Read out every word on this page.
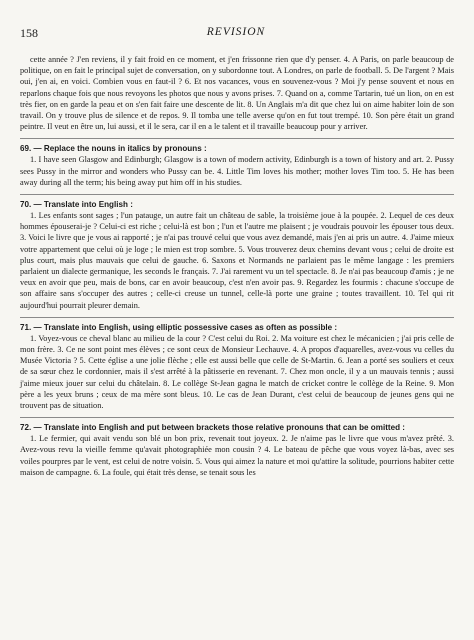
158	REVISION

cette année ? J'en reviens, il y fait froid en ce moment, et j'en frissonne rien que d'y penser. 4. A Paris, on parle beaucoup de politique, on en fait le principal sujet de conversation, on y subordonne tout. A Londres, on parle de football. 5. De l'argent ? Mais oui, j'en ai, en voici. Combien vous en faut-il ? 6. Et nos vacances, vous en souvenez-vous ? Moi j'y pense souvent et nous en reparlons chaque fois que nous revoyons les photos que nous y avons prises. 7. Quand on a, comme Tartarin, tué un lion, on en est très fier, on en garde la peau et on s'en fait faire une descente de lit. 8. Un Anglais m'a dit que chez lui on aime habiter loin de son travail. On y trouve plus de silence et de repos. 9. Il tomba une telle averse qu'on en fut tout trempé. 10. Son père était un grand peintre. Il veut en être un, lui aussi, et il le sera, car il en a le talent et il travaille beaucoup pour y arriver.

69. — Replace the nouns in italics by pronouns :

1. I have seen Glasgow and Edinburgh; Glasgow is a town of modern activity, Edinburgh is a town of history and art. 2. Pussy sees Pussy in the mirror and wonders who Pussy can be. 4. Little Tim loves his mother; mother loves Tim too. 5. He has been away during all the term; his being away put him off in his studies.

70. — Translate into English :

1. Les enfants sont sages ; l'un patauge, un autre fait un château de sable, la troisième joue à la poupée. 2. Lequel de ces deux hommes épouserai-je ? Celui-ci est riche ; celui-là est bon ; l'un et l'autre me plaisent ; je voudrais pouvoir les épouser tous deux. 3. Voici le livre que je vous ai rapporté ; je n'ai pas trouvé celui que vous avez demandé, mais j'en ai pris un autre. 4. J'aime mieux votre appartement que celui où je loge ; le mien est trop sombre. 5. Vous trouverez deux chemins devant vous ; celui de droite est plus court, mais plus mauvais que celui de gauche. 6. Saxons et Normands ne parlaient pas le même langage : les premiers parlaient un dialecte germanique, les seconds le français. 7. J'ai rarement vu un tel spectacle. 8. Je n'ai pas beaucoup d'amis ; je ne veux en avoir que peu, mais de bons, car en avoir beaucoup, c'est n'en avoir pas. 9. Regardez les fourmis : chacune s'occupe de son affaire sans s'occuper des autres ; celle-ci creuse un tunnel, celle-là porte une graine ; toutes travaillent. 10. Tel qui rit aujourd'hui pourrait pleurer demain.

71. — Translate into English, using elliptic possessive cases as often as possible :

1. Voyez-vous ce cheval blanc au milieu de la cour ? C'est celui du Roi. 2. Ma voiture est chez le mécanicien ; j'ai pris celle de mon frère. 3. Ce ne sont point mes élèves ; ce sont ceux de Monsieur Lechauve. 4. A propos d'aquarelles, avez-vous vu celles du Musée Victoria ? 5. Cette église a une jolie flèche ; elle est aussi belle que celle de St-Martin. 6. Jean a porté ses souliers et ceux de sa sœur chez le cordonnier, mais il s'est arrêté à la pâtisserie en revenant. 7. Chez mon oncle, il y a un mauvais tennis ; aussi j'aime mieux jouer sur celui du châtelain. 8. Le collège St-Jean gagna le match de cricket contre le collège de la Reine. 9. Mon père a les yeux bruns ; ceux de ma mère sont bleus. 10. Le cas de Jean Durant, c'est celui de beaucoup de jeunes gens qui ne trouvent pas de situation.

72. — Translate into English and put between brackets those relative pronouns that can be omitted :

1. Le fermier, qui avait vendu son blé un bon prix, revenait tout joyeux. 2. Je n'aime pas le livre que vous m'avez prêté. 3. Avez-vous revu la vieille femme qu'avait photographiée mon cousin ? 4. Le bateau de pêche que vous voyez là-bas, avec ses voiles pourpres par le vent, est celui de notre voisin. 5. Vous qui aimez la nature et moi qu'attire la solitude, pourrions habiter cette maison de campagne. 6. La foule, qui était très dense, se tenait sous les
